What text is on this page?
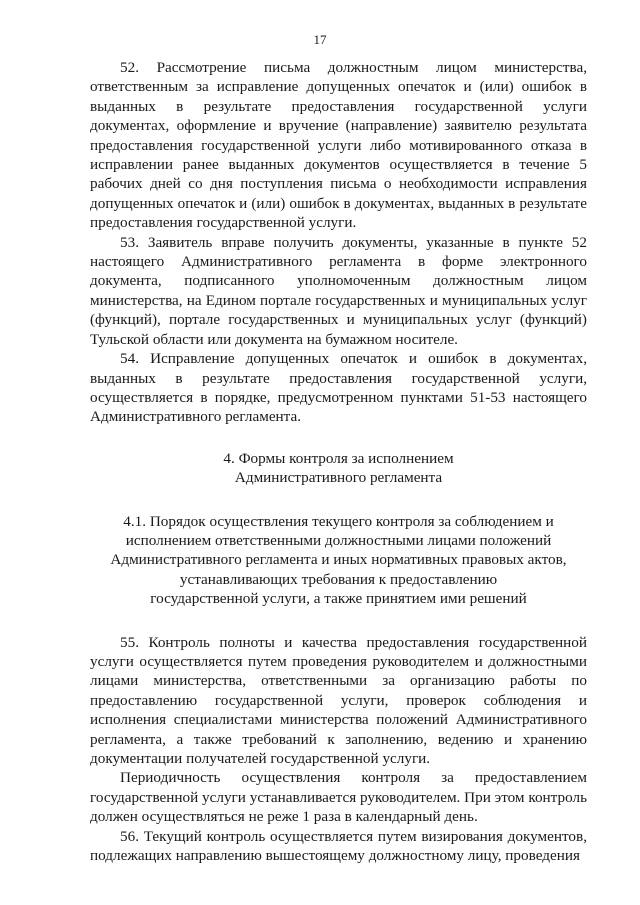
17

52. Рассмотрение письма должностным лицом министерства, ответственным за исправление допущенных опечаток и (или) ошибок в выданных в результате предоставления государственной услуги документах, оформление и вручение (направление) заявителю результата предоставления государственной услуги либо мотивированного отказа в исправлении ранее выданных документов осуществляется в течение 5 рабочих дней со дня поступления письма о необходимости исправления допущенных опечаток и (или) ошибок в документах, выданных в результате предоставления государственной услуги.

53. Заявитель вправе получить документы, указанные в пункте 52 настоящего Административного регламента в форме электронного документа, подписанного уполномоченным должностным лицом министерства, на Едином портале государственных и муниципальных услуг (функций), портале государственных и муниципальных услуг (функций) Тульской области или документа на бумажном носителе.

54. Исправление допущенных опечаток и ошибок в документах, выданных в результате предоставления государственной услуги, осуществляется в порядке, предусмотренном пунктами 51-53 настоящего Административного регламента.

4. Формы контроля за исполнением
Административного регламента
4.1. Порядок осуществления текущего контроля за соблюдением и
исполнением ответственными должностными лицами положений
Административного регламента и иных нормативных правовых актов,
устанавливающих требования к предоставлению
государственной услуги, а также принятием ими решений

55. Контроль полноты и качества предоставления государственной услуги осуществляется путем проведения руководителем и должностными лицами министерства, ответственными за организацию работы по предоставлению государственной услуги, проверок соблюдения и исполнения специалистами министерства положений Административного регламента, а также требований к заполнению, ведению и хранению документации получателей государственной услуги.

Периодичность осуществления контроля за предоставлением государственной услуги устанавливается руководителем. При этом контроль должен осуществляться не реже 1 раза в календарный день.

56. Текущий контроль осуществляется путем визирования документов, подлежащих направлению вышестоящему должностному лицу, проведения
